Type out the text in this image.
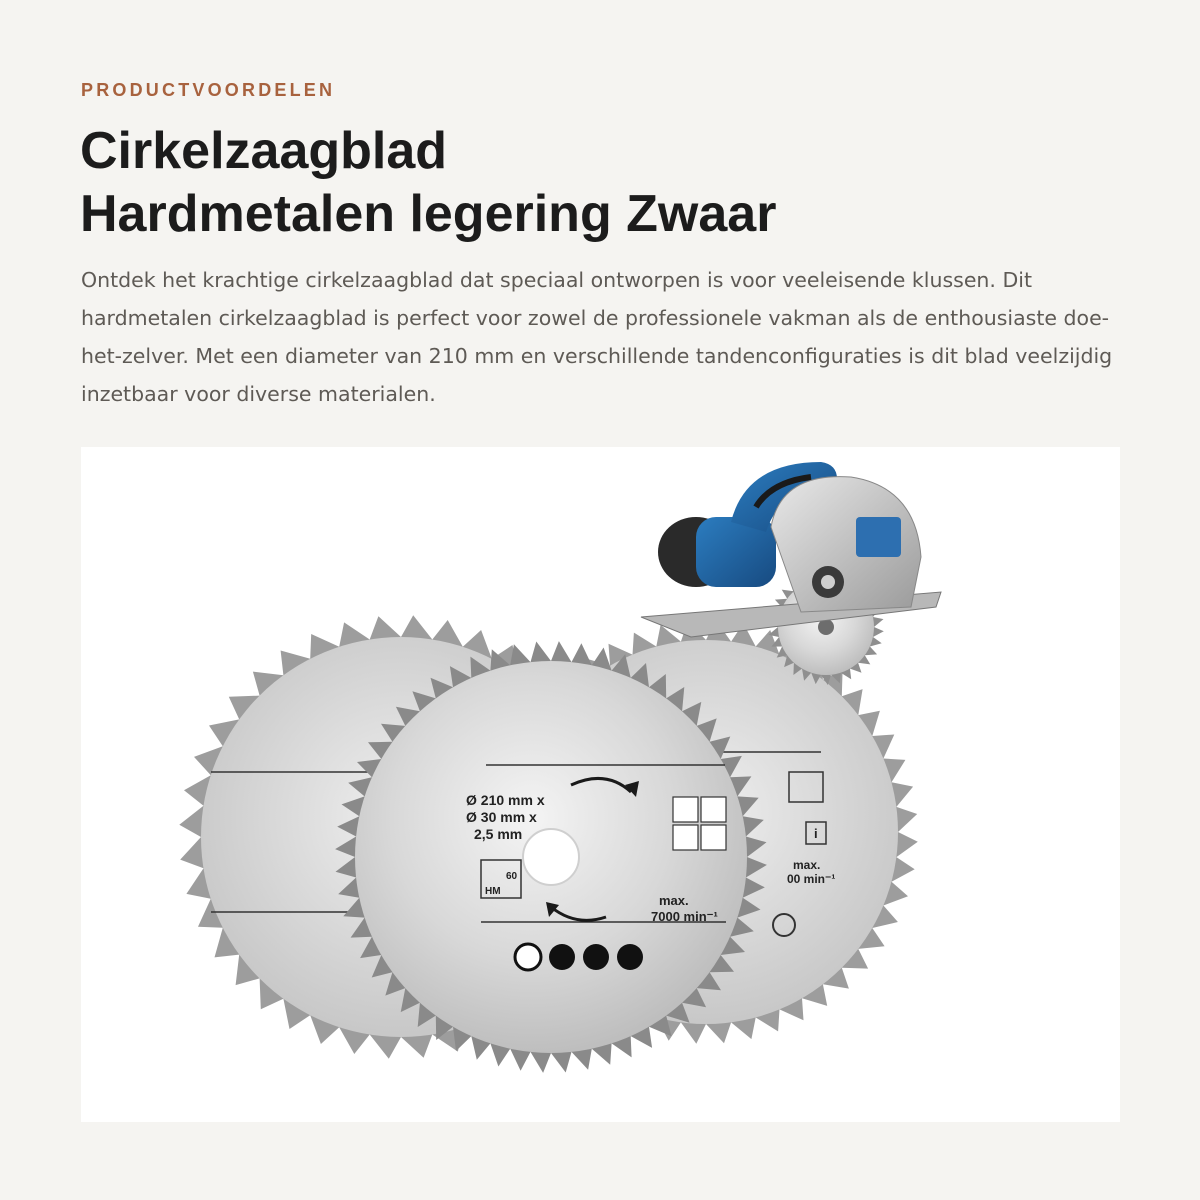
PRODUCTVOORDELEN
Cirkelzaagblad
Hardmetalen legering Zwaar

Ontdek het krachtige cirkelzaagblad dat speciaal ontworpen is voor veeleisende klussen. Dit hardmetalen cirkelzaagblad is perfect voor zowel de professionele vakman als de enthousiaste doe-het-zelver. Met een diameter van 210 mm en verschillende tandenconfiguraties is dit blad veelzijdig inzetbaar voor diverse materialen.

i
max.
00 min⁻¹
Ø 210 mm x
Ø 30 mm x
2,5 mm
60
HM
max.
7000 min⁻¹
